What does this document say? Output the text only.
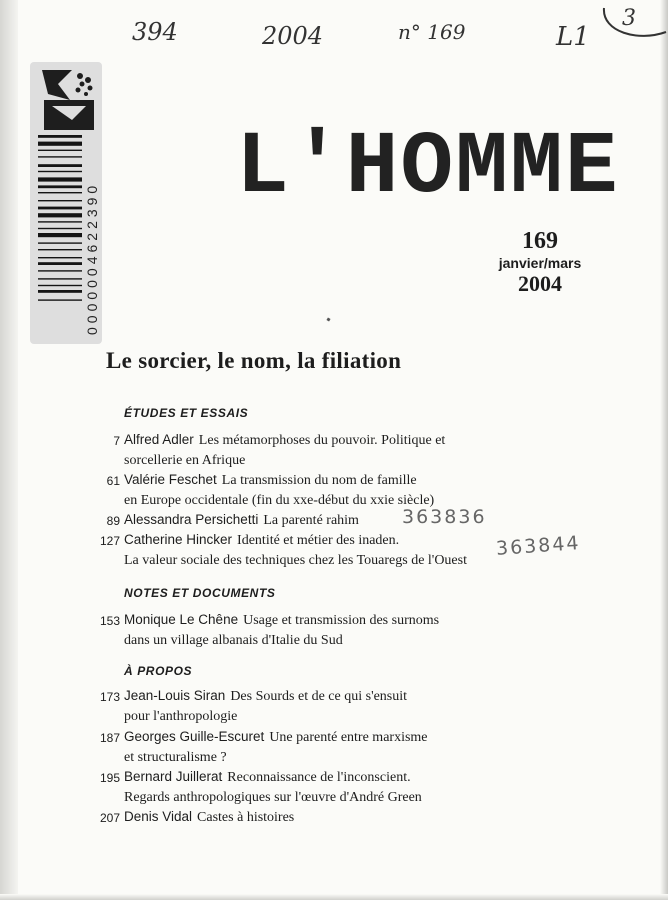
394	2004	n° 169	L1
3
0000004622390
L'HOMME
169
janvier/mars
2004
Le sorcier, le nom, la filiation
ÉTUDES ET ESSAIS
7 Alfred Adler Les métamorphoses du pouvoir. Politique et
sorcellerie en Afrique
61 Valérie Feschet La transmission du nom de famille
en Europe occidentale (fin du xxe-début du xxie siècle)
89 Alessandra Persichetti La parenté rahim	363836
127 Catherine Hincker Identité et métier des inaden.
La valeur sociale des techniques chez les Touaregs de l'Ouest
363844
NOTES ET DOCUMENTS
153 Monique Le Chêne Usage et transmission des surnoms
dans un village albanais d'Italie du Sud
À PROPOS
173 Jean-Louis Siran Des Sourds et de ce qui s'ensuit
pour l'anthropologie
187 Georges Guille-Escuret Une parenté entre marxisme
et structuralisme ?
195 Bernard Juillerat Reconnaissance de l'inconscient.
Regards anthropologiques sur l'œuvre d'André Green
207 Denis Vidal Castes à histoires
